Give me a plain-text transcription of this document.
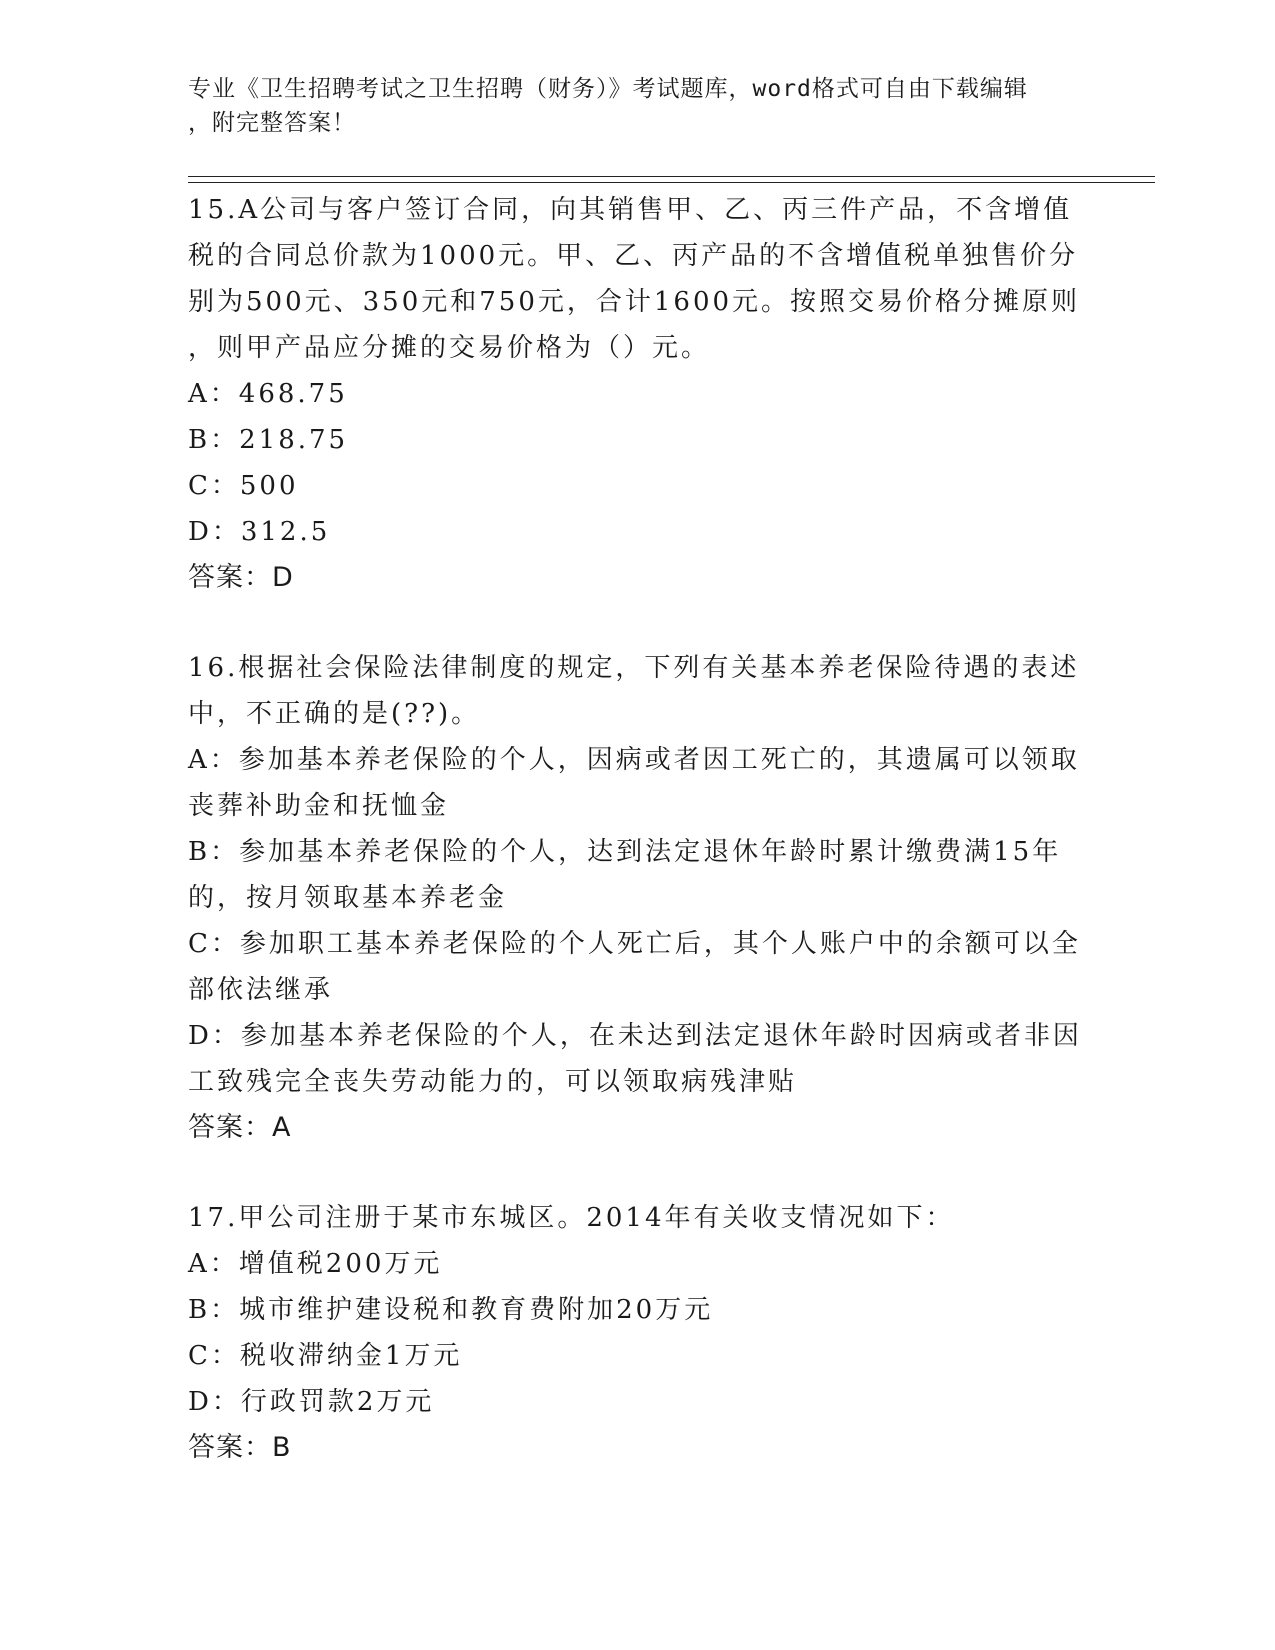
专业《卫生招聘考试之卫生招聘（财务）》考试题库，word格式可自由下载编辑
，附完整答案！
15.A公司与客户签订合同，向其销售甲、乙、丙三件产品，不含增值
税的合同总价款为1000元。甲、乙、丙产品的不含增值税单独售价分
别为500元、350元和750元，合计1600元。按照交易价格分摊原则
，则甲产品应分摊的交易价格为（）元。
A：468.75
B：218.75
C：500
D：312.5
答案：D
16.根据社会保险法律制度的规定，下列有关基本养老保险待遇的表述
中，不正确的是(??)。
A：参加基本养老保险的个人，因病或者因工死亡的，其遗属可以领取
丧葬补助金和抚恤金
B：参加基本养老保险的个人，达到法定退休年龄时累计缴费满15年
的，按月领取基本养老金
C：参加职工基本养老保险的个人死亡后，其个人账户中的余额可以全
部依法继承
D：参加基本养老保险的个人，在未达到法定退休年龄时因病或者非因
工致残完全丧失劳动能力的，可以领取病残津贴
答案：A
17.甲公司注册于某市东城区。2014年有关收支情况如下：
A：增值税200万元
B：城市维护建设税和教育费附加20万元
C：税收滞纳金1万元
D：行政罚款2万元
答案：B
